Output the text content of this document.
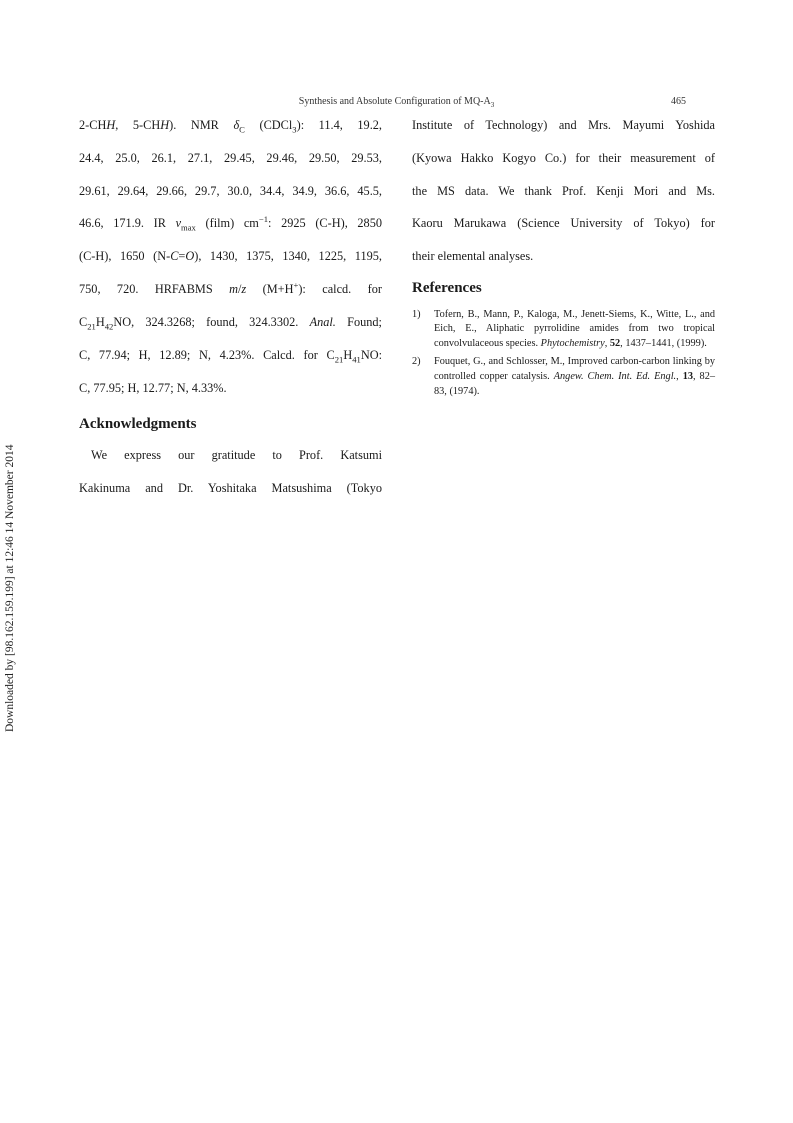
Synthesis and Absolute Configuration of $MQ-A_3$	465
Downloaded by [98.162.159.199] at 12:46 14 November 2014
2-CHH, 5-CHH). NMR $\delta_C$ (CDCl$_3$): 11.4, 19.2,
24.4, 25.0, 26.1, 27.1, 29.45, 29.46, 29.50, 29.53,
29.61, 29.64, 29.66, 29.7, 30.0, 34.4, 34.9, 36.6, 45.5,
46.6, 171.9. IR $\nu_{max}$ (film) $cm^{-1}$: 2925 (C-H), 2850
(C-H), 1650 (N-C=O), 1430, 1375, 1340, 1225, 1195,
750, 720. HRFABMS m/z (M+H+): calcd. for
$C_{21}H_{42}NO$, 324.3268; found, 324.3302. Anal. Found;
C, 77.94; H, 12.89; N, 4.23%. Calcd. for $C_{21}H_{41}NO$:
C, 77.95; H, 12.77; N, 4.33%.
Acknowledgments
We express our gratitude to Prof. Katsumi
Kakinuma and Dr. Yoshitaka Matsushima (Tokyo
Institute of Technology) and Mrs. Mayumi Yoshida
(Kyowa Hakko Kogyo Co.) for their measurement of
the MS data. We thank Prof. Kenji Mori and Ms.
Kaoru Marukawa (Science University of Tokyo) for
their elemental analyses.
References
1)	Tofern, B., Mann, P., Kaloga, M., Jenett-Siems, K., Witte, L., and Eich, E., Aliphatic pyrrolidine amides from two tropical convolvulaceous species. Phytochemistry, 52, 1437–1441, (1999).
2)	Fouquet, G., and Schlosser, M., Improved carbon-carbon linking by controlled copper catalysis. Angew. Chem. Int. Ed. Engl., 13, 82–83, (1974).
